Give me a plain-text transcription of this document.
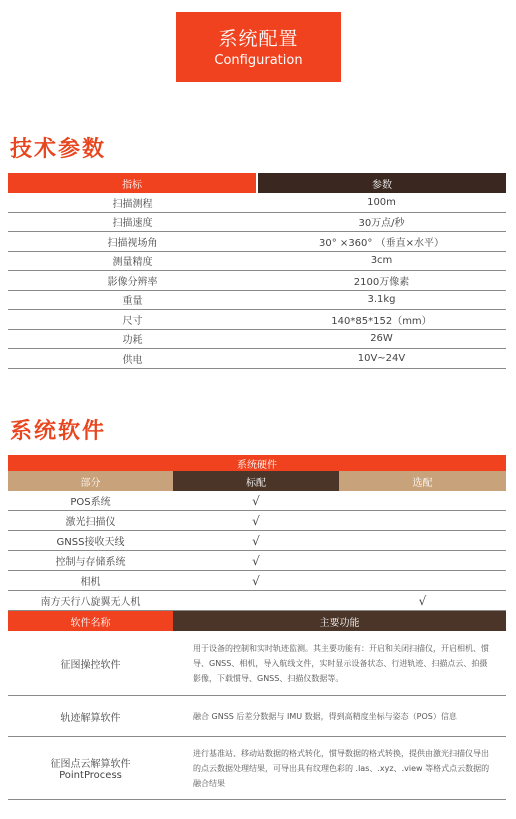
系统配置
Configuration
技术参数
指标	参数
扫描测程	100m
扫描速度	30万点/秒
扫描视场角	30° ×360° （垂直×水平）
测量精度	3cm
影像分辨率	2100万像素
重量	3.1kg
尺寸	140*85*152（mm）
功耗	26W
供电	10V~24V
系统软件
系统硬件		
部分	标配	选配
POS系统	√	
激光扫描仪	√	
GNSS接收天线	√	
控制与存储系统	√	
相机	√	
南方天行八旋翼无人机		√
软件名称	主要功能	

征图操控软件	用于设备的控制和实时轨迹监测。其主要功能有：开启和关闭扫描仪，开启相机、惯导、GNSS、相机，导入航线文件，实时显示设备状态、行进轨迹、扫描点云、拍摄影像，下载惯导、GNSS、扫描仪数据等。	

轨迹解算软件	融合 GNSS 后差分数据与 IMU 数据，得到高精度坐标与姿态（POS）信息	

征图点云解算软件
PointProcess	进行基准站、移动站数据的格式转化，惯导数据的格式转换，提供由激光扫描仪导出的点云数据处理结果，可导出具有纹理色彩的 .las、.xyz、.view 等格式点云数据的融合结果	
